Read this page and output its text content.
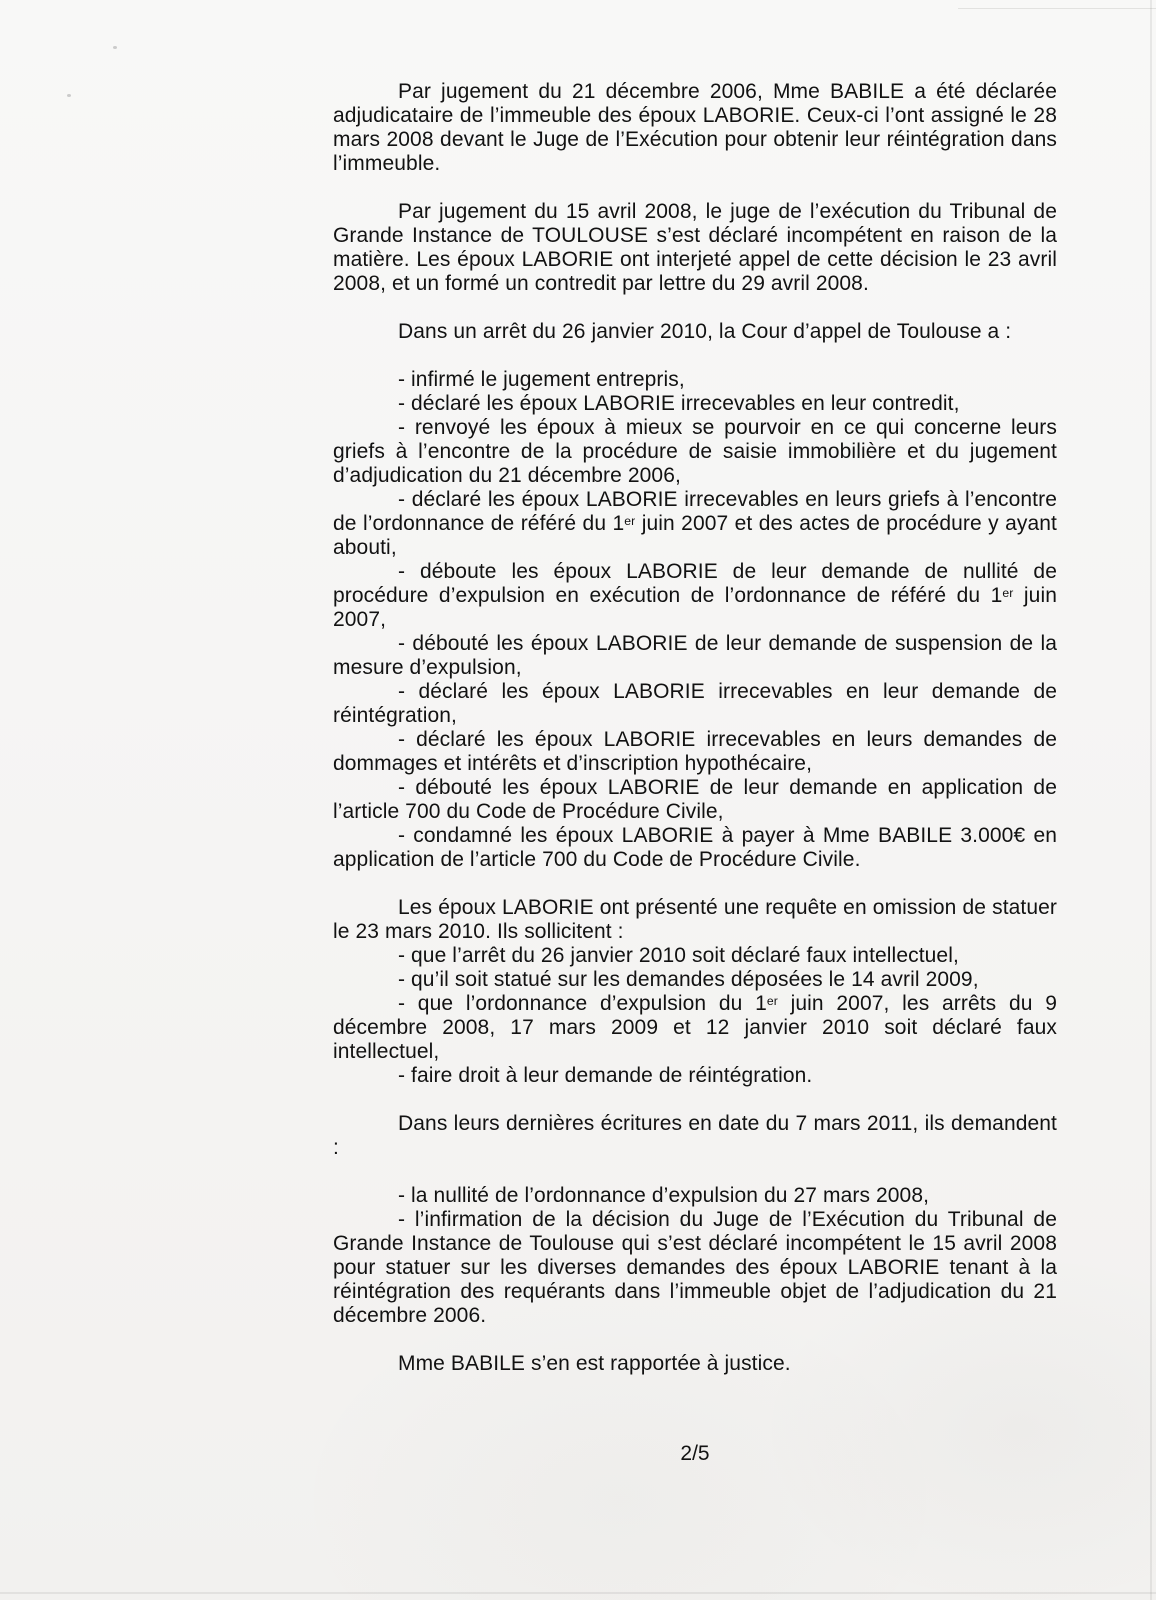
Par jugement du 21 décembre 2006, Mme BABILE a été déclarée adjudicataire de l’immeuble des époux LABORIE. Ceux-ci l’ont assigné le 28 mars 2008 devant le Juge de l’Exécution pour obtenir leur réintégration dans l’immeuble.

Par jugement du 15 avril 2008, le juge de l’exécution du Tribunal de Grande Instance de TOULOUSE s’est déclaré incompétent en raison de la matière. Les époux LABORIE ont interjeté appel de cette décision le 23 avril 2008, et un formé un contredit par lettre du 29 avril 2008.

Dans un arrêt du 26 janvier 2010, la Cour d’appel de Toulouse a :

- infirmé le jugement entrepris,

- déclaré les époux LABORIE irrecevables en leur contredit,

- renvoyé les époux à mieux se pourvoir en ce qui concerne leurs griefs à l’encontre de la procédure de saisie immobilière et du jugement d’adjudication du 21 décembre 2006,

- déclaré les époux LABORIE irrecevables en leurs griefs à l’encontre de l’ordonnance de référé du 1er juin 2007 et des actes de procédure y ayant abouti,

- déboute les époux LABORIE de leur demande de nullité de procédure d’expulsion en exécution de l’ordonnance de référé du 1er juin 2007,

- débouté les époux LABORIE de leur demande de suspension de la mesure d’expulsion,

- déclaré les époux LABORIE irrecevables en leur demande de réintégration,

- déclaré les époux LABORIE irrecevables en leurs demandes de dommages et intérêts et d’inscription hypothécaire,

- débouté les époux LABORIE de leur demande en application de l’article 700 du Code de Procédure Civile,

- condamné les époux LABORIE à payer à Mme BABILE 3.000€ en application de l’article 700 du Code de Procédure Civile.

Les époux LABORIE ont présenté une requête en omission de statuer le 23 mars 2010. Ils sollicitent :

- que l’arrêt du 26 janvier 2010 soit déclaré faux intellectuel,

- qu’il soit statué sur les demandes déposées le 14 avril 2009,

- que l’ordonnance d’expulsion du 1er juin 2007, les arrêts du 9 décembre 2008, 17 mars 2009 et 12 janvier 2010 soit déclaré faux intellectuel,

- faire droit à leur demande de réintégration.

Dans leurs dernières écritures en date du 7 mars 2011, ils demandent :

- la nullité de l’ordonnance d’expulsion du 27 mars 2008,

- l’infirmation de la décision du Juge de l’Exécution du Tribunal de Grande Instance de Toulouse qui s’est déclaré incompétent le 15 avril 2008 pour statuer sur les diverses demandes des époux LABORIE tenant à la réintégration des requérants dans l’immeuble objet de l’adjudication du 21 décembre 2006.

Mme BABILE s’en est rapportée à justice.

2/5
